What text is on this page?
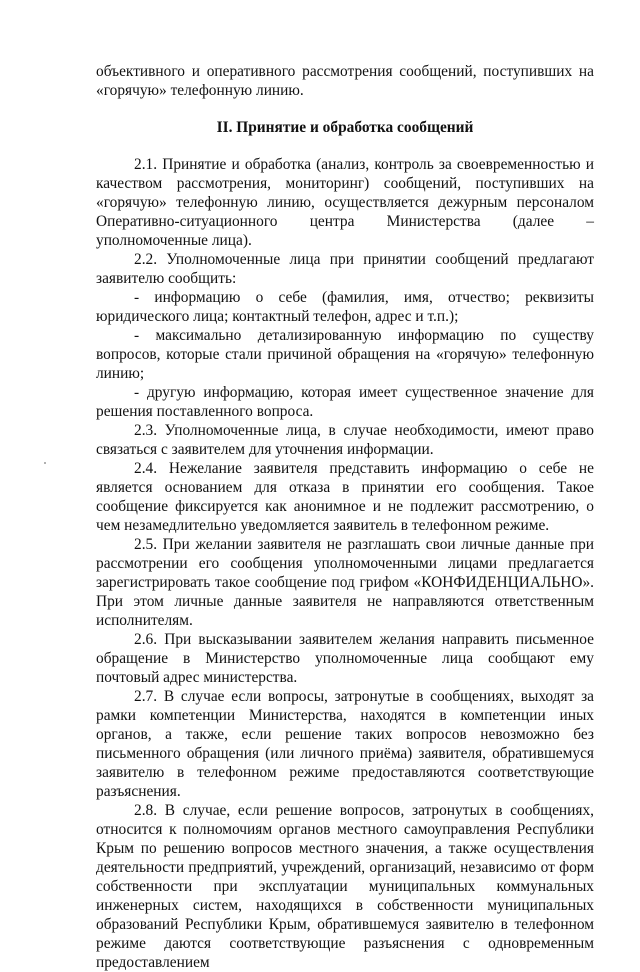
объективного и оперативного рассмотрения сообщений, поступивших на «горячую» телефонную линию.

II. Принятие и обработка сообщений

2.1. Принятие и обработка (анализ, контроль за своевременностью и качеством рассмотрения, мониторинг) сообщений, поступивших на «горячую» телефонную линию, осуществляется дежурным персоналом Оперативно-ситуационного центра Министерства (далее – уполномоченные лица).

2.2. Уполномоченные лица при принятии сообщений предлагают заявителю сообщить:

- информацию о себе (фамилия, имя, отчество; реквизиты юридического лица; контактный телефон, адрес и т.п.);

- максимально детализированную информацию по существу вопросов, которые стали причиной обращения на «горячую» телефонную линию;

- другую информацию, которая имеет существенное значение для решения поставленного вопроса.

2.3. Уполномоченные лица, в случае необходимости, имеют право связаться с заявителем для уточнения информации.

2.4. Нежелание заявителя представить информацию о себе не является основанием для отказа в принятии его сообщения. Такое сообщение фиксируется как анонимное и не подлежит рассмотрению, о чем незамедлительно уведомляется заявитель в телефонном режиме.

2.5. При желании заявителя не разглашать свои личные данные при рассмотрении его сообщения уполномоченными лицами предлагается зарегистрировать такое сообщение под грифом «КОНФИДЕНЦИАЛЬНО». При этом личные данные заявителя не направляются ответственным исполнителям.

2.6. При высказывании заявителем желания направить письменное обращение в Министерство уполномоченные лица сообщают ему почтовый адрес министерства.

2.7. В случае если вопросы, затронутые в сообщениях, выходят за рамки компетенции Министерства, находятся в компетенции иных органов, а также, если решение таких вопросов невозможно без письменного обращения (или личного приёма) заявителя, обратившемуся заявителю в телефонном режиме предоставляются соответствующие разъяснения.

2.8. В случае, если решение вопросов, затронутых в сообщениях, относится к полномочиям органов местного самоуправления Республики Крым по решению вопросов местного значения, а также осуществления деятельности предприятий, учреждений, организаций, независимо от форм собственности при эксплуатации муниципальных коммунальных инженерных систем, находящихся в собственности муниципальных образований Республики Крым, обратившемуся заявителю в телефонном режиме даются соответствующие разъяснения с одновременным предоставлением
